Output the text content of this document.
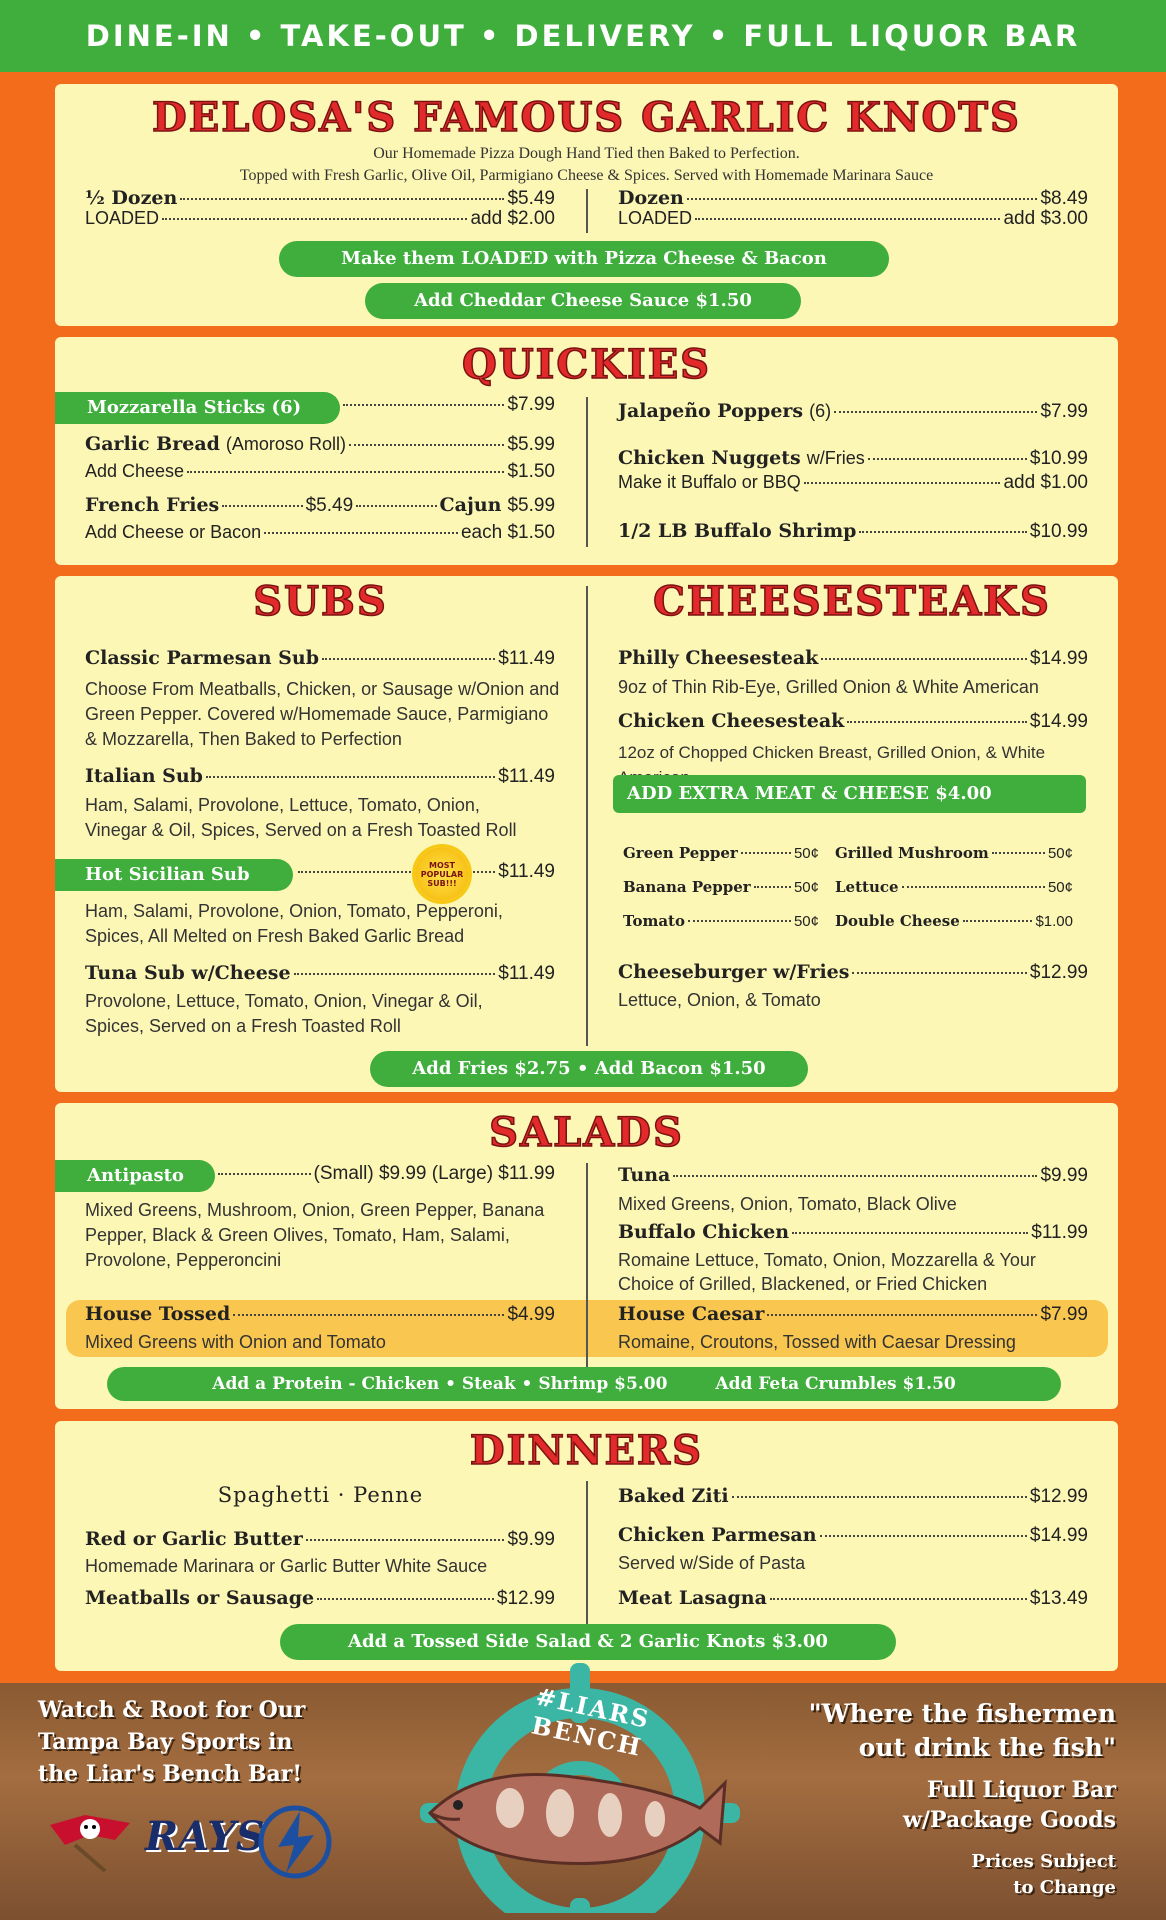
DINE-IN • TAKE-OUT • DELIVERY • FULL LIQUOR BAR
DELOSA'S FAMOUS GARLIC KNOTS
Our Homemade Pizza Dough Hand Tied then Baked to Perfection.
Topped with Fresh Garlic, Olive Oil, Parmigiano Cheese & Spices. Served with Homemade Marinara Sauce
½ Dozen	$5.49
LOADED	add $2.00
Dozen	$8.49
LOADED	add $3.00
Make them LOADED with Pizza Cheese & Bacon
Add Cheddar Cheese Sauce $1.50
QUICKIES
Mozzarella Sticks (6)	$7.99
Garlic Bread (Amoroso Roll)	$5.99
Add Cheese	$1.50
French Fries	$5.49	Cajun $5.99
Add Cheese or Bacon	each $1.50
Jalapeño Poppers (6)	$7.99
Chicken Nuggets w/Fries	$10.99
Make it Buffalo or BBQ	add $1.00
1/2 LB Buffalo Shrimp	$10.99
SUBS	CHEESESTEAKS
Classic Parmesan Sub	$11.49
Choose From Meatballs, Chicken, or Sausage w/Onion and Green Pepper. Covered w/Homemade Sauce, Parmigiano & Mozzarella, Then Baked to Perfection
Italian Sub	$11.49
Ham, Salami, Provolone, Lettuce, Tomato, Onion, Vinegar & Oil, Spices, Served on a Fresh Toasted Roll
Hot Sicilian Sub	$11.49
MOST POPULAR SUB!!!
Ham, Salami, Provolone, Onion, Tomato, Pepperoni, Spices, All Melted on Fresh Baked Garlic Bread
Tuna Sub w/Cheese	$11.49
Provolone, Lettuce, Tomato, Onion, Vinegar & Oil, Spices, Served on a Fresh Toasted Roll
Philly Cheesesteak	$14.99
9oz of Thin Rib-Eye, Grilled Onion & White American
Chicken Cheesesteak	$14.99
12oz of Chopped Chicken Breast, Grilled Onion, & White
ADD EXTRA MEAT & CHEESE $4.00
Green Pepper	50¢ Grilled Mushroom	50¢
Banana Pepper	50¢ Lettuce	50¢
Tomato	50¢ Double Cheese	$1.00
Cheeseburger w/Fries	$12.99
Lettuce, Onion, & Tomato
Add Fries $2.75 • Add Bacon $1.50
SALADS
Antipasto	(Small) $9.99 (Large) $11.99
Mixed Greens, Mushroom, Onion, Green Pepper, Banana Pepper, Black & Green Olives, Tomato, Ham, Salami, Provolone, Pepperoncini
Tuna	$9.99
Mixed Greens, Onion, Tomato, Black Olive
Buffalo Chicken	$11.99
Romaine Lettuce, Tomato, Onion, Mozzarella & Your Choice of Grilled, Blackened, or Fried Chicken
House Tossed	$4.99
Mixed Greens with Onion and Tomato
House Caesar	$7.99
Romaine, Croutons, Tossed with Caesar Dressing
Add a Protein - Chicken • Steak • Shrimp $5.00	Add Feta Crumbles $1.50
DINNERS
Spaghetti · Penne
Red or Garlic Butter	$9.99
Homemade Marinara or Garlic Butter White Sauce
Meatballs or Sausage	$12.99
Baked Ziti	$12.99
Chicken Parmesan	$14.99
Served w/Side of Pasta
Meat Lasagna	$13.49
Add a Tossed Side Salad & 2 Garlic Knots $3.00
Watch & Root for Our
Tampa Bay Sports in
the Liar's Bench Bar!
RAYS
#LIARS BENCH	"Where the fishermen
out drink the fish"
Full Liquor Bar
w/Package Goods
Prices Subject
to Change
